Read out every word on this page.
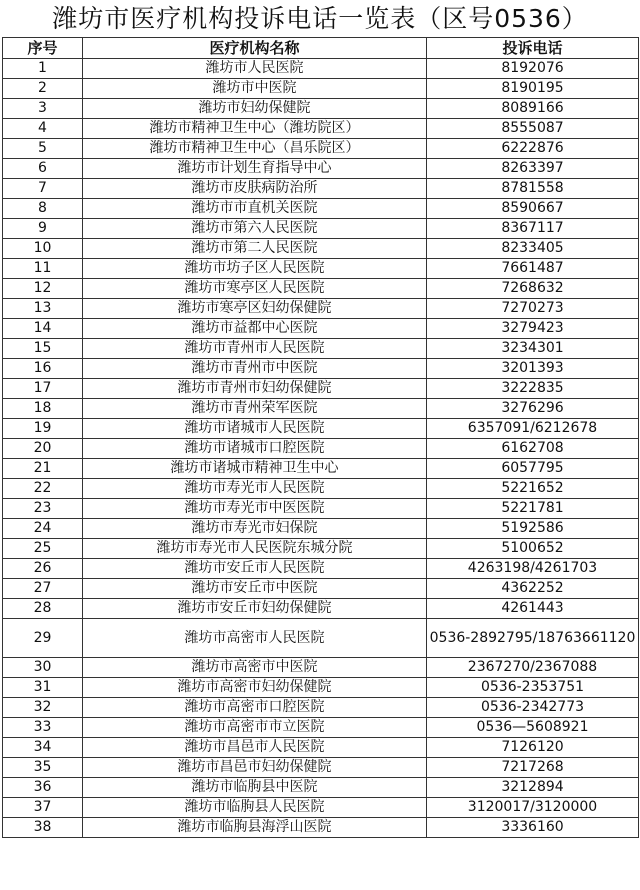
潍坊市医疗机构投诉电话一览表（区号0536）
序号	医疗机构名称	投诉电话
1	潍坊市人民医院	8192076
2	潍坊市中医院	8190195
3	潍坊市妇幼保健院	8089166
4	潍坊市精神卫生中心（潍坊院区）	8555087
5	潍坊市精神卫生中心（昌乐院区）	6222876
6	潍坊市计划生育指导中心	8263397
7	潍坊市皮肤病防治所	8781558
8	潍坊市市直机关医院	8590667
9	潍坊市第六人民医院	8367117
10	潍坊市第二人民医院	8233405
11	潍坊市坊子区人民医院	7661487
12	潍坊市寒亭区人民医院	7268632
13	潍坊市寒亭区妇幼保健院	7270273
14	潍坊市益都中心医院	3279423
15	潍坊市青州市人民医院	3234301
16	潍坊市青州市中医院	3201393
17	潍坊市青州市妇幼保健院	3222835
18	潍坊市青州荣军医院	3276296
19	潍坊市诸城市人民医院	6357091/6212678
20	潍坊市诸城市口腔医院	6162708
21	潍坊市诸城市精神卫生中心	6057795
22	潍坊市寿光市人民医院	5221652
23	潍坊市寿光市中医医院	5221781
24	潍坊市寿光市妇保院	5192586
25	潍坊市寿光市人民医院东城分院	5100652
26	潍坊市安丘市人民医院	4263198/4261703
27	潍坊市安丘市中医院	4362252
28	潍坊市安丘市妇幼保健院	4261443
29	潍坊市高密市人民医院	0536-2892795/18763661120
30	潍坊市高密市中医院	2367270/2367088
31	潍坊市高密市妇幼保健院	0536-2353751
32	潍坊市高密市口腔医院	0536-2342773
33	潍坊市高密市市立医院	0536—5608921
34	潍坊市昌邑市人民医院	7126120
35	潍坊市昌邑市妇幼保健院	7217268
36	潍坊市临朐县中医院	3212894
37	潍坊市临朐县人民医院	3120017/3120000
38	潍坊市临朐县海浮山医院	3336160
